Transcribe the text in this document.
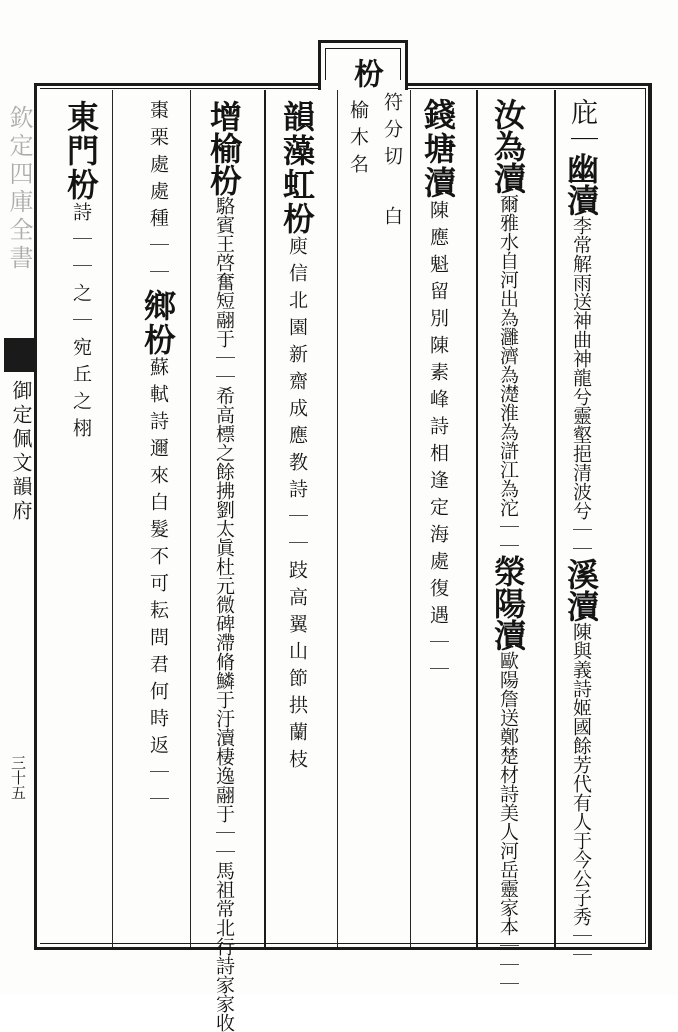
欽定四庫全書
御定佩文韻府
三十五
枌
符分切
白
榆木名	庇｜幽瀆李常解雨送神曲神龍兮靈壑挹清波兮｜｜溪瀆陳與義詩姬國餘芳代有人于今公子秀｜｜
汝為瀆爾雅水自河出為灉濟為濋淮為滸江為沱｜｜滎陽瀆歐陽詹送鄭楚材詩美人河岳靈家本｜｜｜
錢塘瀆陳應魁留別陳素峰詩相逢定海處復遇｜｜
韻藻虹枌庾信北園新齋成應教詩｜｜跂高翼山節拱蘭枝
增榆枌駱賓王啓奮短翮于｜｜希高標之餘拂劉太眞杜元微碑滯脩鱗于汙瀆棲逸翮于｜｜馬祖常北行詩家家收
棗栗處處種｜｜鄉枌蘇軾詩邇來白髮不可耘問君何時返｜｜
東門枌詩｜｜之｜宛丘之栩
